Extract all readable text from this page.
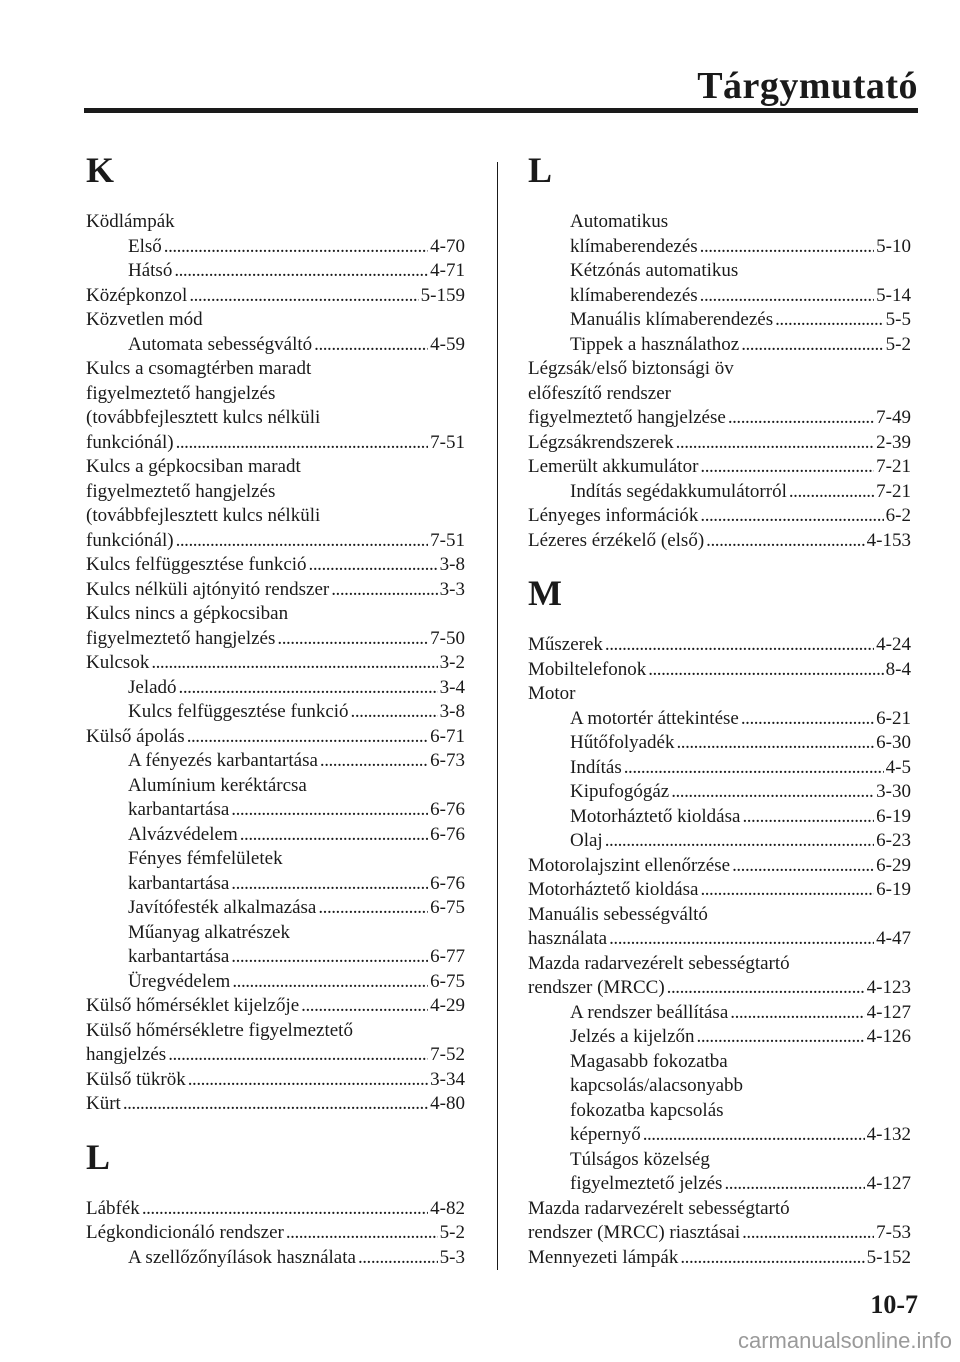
Tárgymutató
K
Ködlámpák
Első . . .	4-70
Hátsó . . .	4-71
Középkonzol . . .	5-159
Közvetlen mód
Automata sebességváltó . . .	4-59
Kulcs a csomagtérben maradt
figyelmeztető hangjelzés
(továbbfejlesztett kulcs nélküli
funkciónál) . . .	7-51
Kulcs a gépkocsiban maradt
figyelmeztető hangjelzés
(továbbfejlesztett kulcs nélküli
funkciónál) . . .	7-51
Kulcs felfüggesztése funkció . . .	3-8
Kulcs nélküli ajtónyitó rendszer . . .	3-3
Kulcs nincs a gépkocsiban
figyelmeztető hangjelzés . . .	7-50
Kulcsok . . .	3-2
Jeladó . . .	3-4
Kulcs felfüggesztése funkció . . .	3-8
Külső ápolás . . .	6-71
A fényezés karbantartása . . .	6-73
Alumínium keréktárcsa
karbantartása . . .	6-76
Alvázvédelem . . .	6-76
Fényes fémfelületek
karbantartása . . .	6-76
Javítófesték alkalmazása . . .	6-75
Műanyag alkatrészek
karbantartása . . .	6-77
Üregvédelem . . .	6-75
Külső hőmérséklet kijelzője . . .	4-29
Külső hőmérsékletre figyelmeztető
hangjelzés . . .	7-52
Külső tükrök . . .	3-34
Kürt . . .	4-80
L
Lábfék . . .	4-82
Légkondicionáló rendszer . . .	5-2
A szellőzőnyílások használata . . .	5-3
L
Automatikus
klímaberendezés . . .	5-10
Kétzónás automatikus
klímaberendezés . . .	5-14
Manuális klímaberendezés . . .	5-5
Tippek a használathoz . . .	5-2
Légzsák/első biztonsági öv
előfeszítő rendszer
figyelmeztető hangjelzése . . .	7-49
Légzsákrendszerek . . .	2-39
Lemerült akkumulátor . . .	7-21
Indítás segédakkumulátorról . . .	7-21
Lényeges információk . . .	6-2
Lézeres érzékelő (első) . . .	4-153
M
Műszerek . . .	4-24
Mobiltelefonok . . .	8-4
Motor
A motortér áttekintése . . .	6-21
Hűtőfolyadék . . .	6-30
Indítás . . .	4-5
Kipufogógáz . . .	3-30
Motorháztető kioldása . . .	6-19
Olaj . . .	6-23
Motorolajszint ellenőrzése . . .	6-29
Motorháztető kioldása . . .	6-19
Manuális sebességváltó
használata . . .	4-47
Mazda radarvezérelt sebességtartó
rendszer (MRCC) . . .	4-123
A rendszer beállítása . . .	4-127
Jelzés a kijelzőn . . .	4-126
Magasabb fokozatba
kapcsolás/alacsonyabb
fokozatba kapcsolás
képernyő . . .	4-132
Túlságos közelség
figyelmeztető jelzés . . .	4-127
Mazda radarvezérelt sebességtartó
rendszer (MRCC) riasztásai . . .	7-53
Mennyezeti lámpák . . .	5-152
10-7
carmanualsonline.info
